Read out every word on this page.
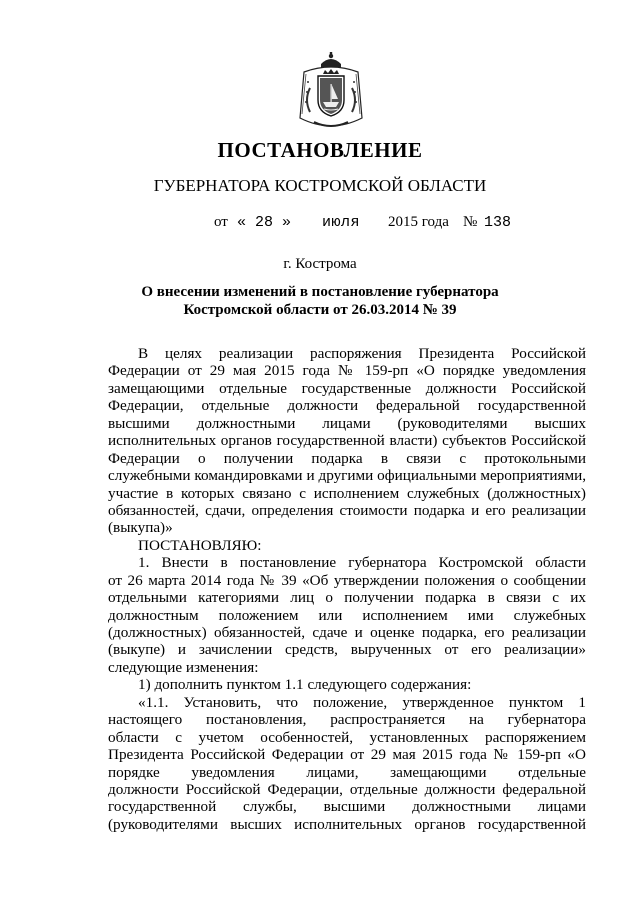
ПОСТАНОВЛЕНИЕ
ГУБЕРНАТОРА КОСТРОМСКОЙ ОБЛАСТИ
от « 28 » июля 2015 года № 138
г. Кострома
О внесении изменений в постановление губернатора
Костромской области от 26.03.2014 № 39
В целях реализации распоряжения Президента Российской
Федерации от 29 мая 2015 года № 159-рп «О порядке уведомления
замещающими отдельные государственные должности Российской
Федерации, отдельные должности федеральной государственной
высшими должностными лицами (руководителями высших
исполнительных органов государственной власти) субъектов Российской
Федерации о получении подарка в связи с протокольными
служебными командировками и другими официальными мероприятиями,
участие в которых связано с исполнением служебных (должностных)
обязанностей, сдачи, определения стоимости подарка и его реализации
(выкупа)»
ПОСТАНОВЛЯЮ:
1. Внести в постановление губернатора Костромской области
от 26 марта 2014 года № 39 «Об утверждении положения о сообщении
отдельными категориями лиц о получении подарка в связи с их
должностным положением или исполнением ими служебных
(должностных) обязанностей, сдаче и оценке подарка, его реализации
(выкупе) и зачислении средств, вырученных от его реализации»
следующие изменения:
1) дополнить пунктом 1.1 следующего содержания:
«1.1. Установить, что положение, утвержденное пунктом 1
настоящего постановления, распространяется на губернатора
области с учетом особенностей, установленных распоряжением
Президента Российской Федерации от 29 мая 2015 года № 159-рп «О
порядке уведомления лицами, замещающими отдельные
должности Российской Федерации, отдельные должности федеральной
государственной службы, высшими должностными лицами
(руководителями высших исполнительных органов государственной
